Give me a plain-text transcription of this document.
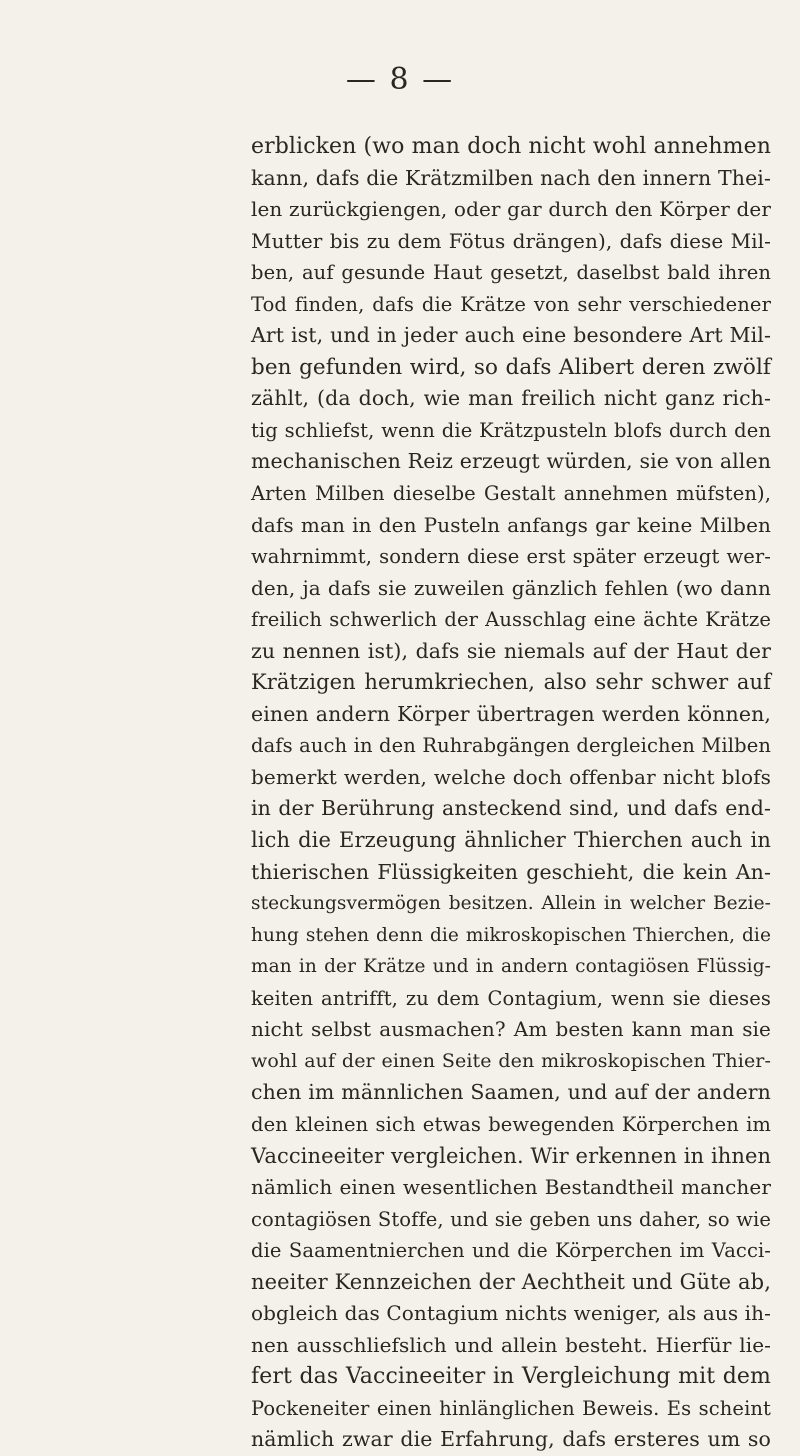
— 8 —
erblicken (wo man doch nicht wohl annehmen
kann, dafs die Krätzmilben nach den innern Thei-
len zurückgiengen, oder gar durch den Körper der
Mutter bis zu dem Fötus drängen), dafs diese Mil-
ben, auf gesunde Haut gesetzt, daselbst bald ihren
Tod finden, dafs die Krätze von sehr verschiedener
Art ist, und in jeder auch eine besondere Art Mil-
ben gefunden wird, so dafs Alibert deren zwölf
zählt, (da doch, wie man freilich nicht ganz rich-
tig schliefst, wenn die Krätzpusteln blofs durch den
mechanischen Reiz erzeugt würden, sie von allen
Arten Milben dieselbe Gestalt annehmen müfsten),
dafs man in den Pusteln anfangs gar keine Milben
wahrnimmt, sondern diese erst später erzeugt wer-
den, ja dafs sie zuweilen gänzlich fehlen (wo dann
freilich schwerlich der Ausschlag eine ächte Krätze
zu nennen ist), dafs sie niemals auf der Haut der
Krätzigen herumkriechen, also sehr schwer auf
einen andern Körper übertragen werden können,
dafs auch in den Ruhrabgängen dergleichen Milben
bemerkt werden, welche doch offenbar nicht blofs
in der Berührung ansteckend sind, und dafs end-
lich die Erzeugung ähnlicher Thierchen auch in
thierischen Flüssigkeiten geschieht, die kein An-
steckungsvermögen besitzen. Allein in welcher Bezie-
hung stehen denn die mikroskopischen Thierchen, die
man in der Krätze und in andern contagiösen Flüssig-
keiten antrifft, zu dem Contagium, wenn sie dieses
nicht selbst ausmachen? Am besten kann man sie
wohl auf der einen Seite den mikroskopischen Thier-
chen im männlichen Saamen, und auf der andern
den kleinen sich etwas bewegenden Körperchen im
Vaccineeiter vergleichen. Wir erkennen in ihnen
nämlich einen wesentlichen Bestandtheil mancher
contagiösen Stoffe, und sie geben uns daher, so wie
die Saamentnierchen und die Körperchen im Vacci-
neeiter Kennzeichen der Aechtheit und Güte ab,
obgleich das Contagium nichts weniger, als aus ih-
nen ausschliefslich und allein besteht. Hierfür lie-
fert das Vaccineeiter in Vergleichung mit dem
Pockeneiter einen hinlänglichen Beweis. Es scheint
nämlich zwar die Erfahrung, dafs ersteres um so
